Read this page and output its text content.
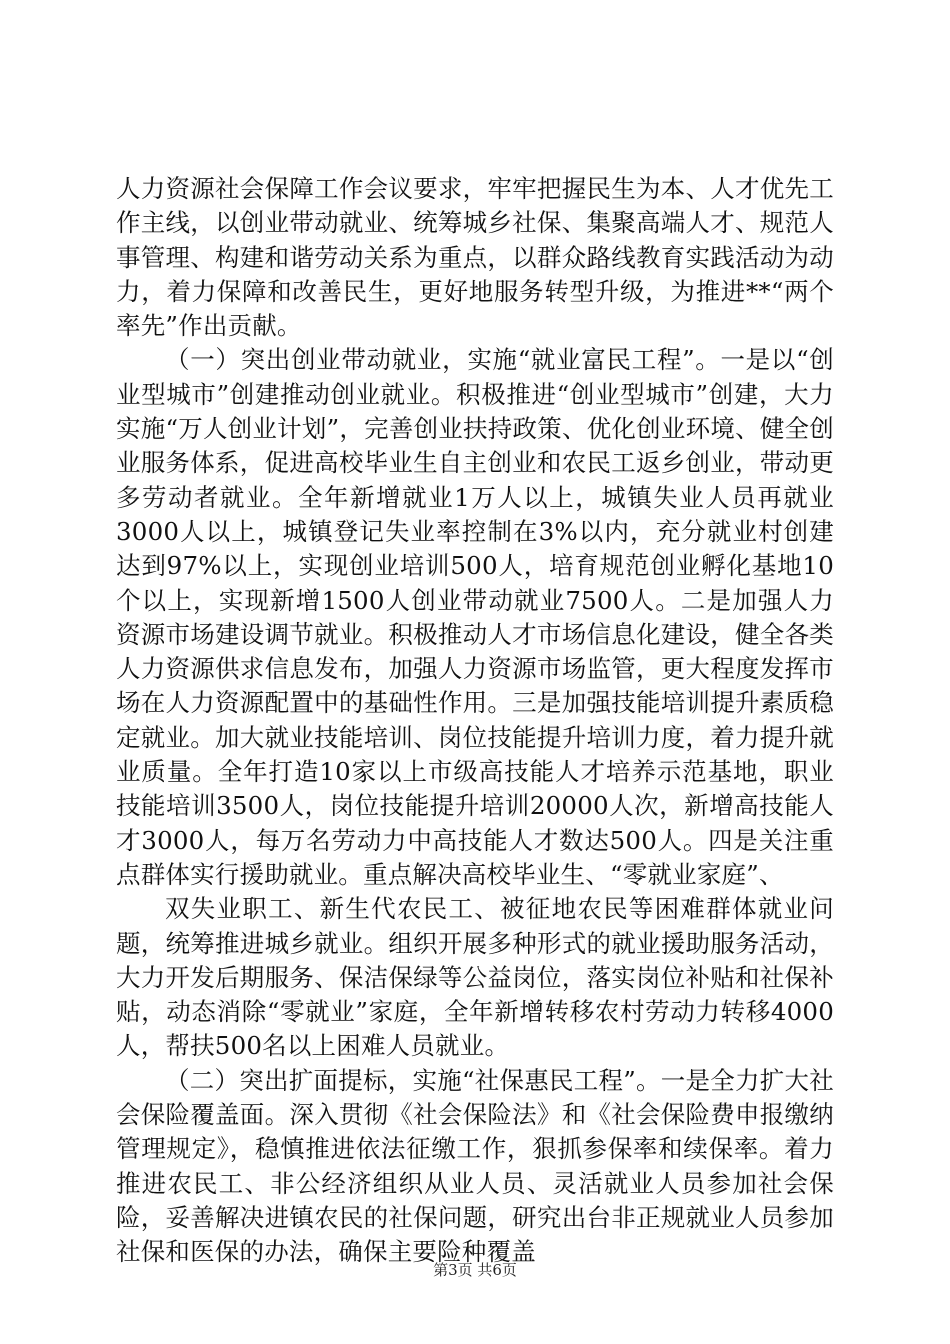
人力资源社会保障工作会议要求，牢牢把握民生为本、人才优先工作主线，以创业带动就业、统筹城乡社保、集聚高端人才、规范人事管理、构建和谐劳动关系为重点，以群众路线教育实践活动为动力，着力保障和改善民生，更好地服务转型升级，为推进**“两个率先”作出贡献。

（一）突出创业带动就业，实施“就业富民工程”。一是以“创业型城市”创建推动创业就业。积极推进“创业型城市”创建，大力实施“万人创业计划”，完善创业扶持政策、优化创业环境、健全创业服务体系，促进高校毕业生自主创业和农民工返乡创业，带动更多劳动者就业。全年新增就业1万人以上，城镇失业人员再就业3000人以上，城镇登记失业率控制在3%以内，充分就业村创建达到97%以上，实现创业培训500人，培育规范创业孵化基地10个以上，实现新增1500人创业带动就业7500人。二是加强人力资源市场建设调节就业。积极推动人才市场信息化建设，健全各类人力资源供求信息发布，加强人力资源市场监管，更大程度发挥市场在人力资源配置中的基础性作用。三是加强技能培训提升素质稳定就业。加大就业技能培训、岗位技能提升培训力度，着力提升就业质量。全年打造10家以上市级高技能人才培养示范基地，职业技能培训3500人，岗位技能提升培训20000人次，新增高技能人才3000人，每万名劳动力中高技能人才数达500人。四是关注重点群体实行援助就业。重点解决高校毕业生、“零就业家庭”、

双失业职工、新生代农民工、被征地农民等困难群体就业问题，统筹推进城乡就业。组织开展多种形式的就业援助服务活动，大力开发后期服务、保洁保绿等公益岗位，落实岗位补贴和社保补贴，动态消除“零就业”家庭，全年新增转移农村劳动力转移4000人，帮扶500名以上困难人员就业。

（二）突出扩面提标，实施“社保惠民工程”。一是全力扩大社会保险覆盖面。深入贯彻《社会保险法》和《社会保险费申报缴纳管理规定》，稳慎推进依法征缴工作，狠抓参保率和续保率。着力推进农民工、非公经济组织从业人员、灵活就业人员参加社会保险，妥善解决进镇农民的社保问题，研究出台非正规就业人员参加社保和医保的办法，确保主要险种覆盖

第3页 共6页
